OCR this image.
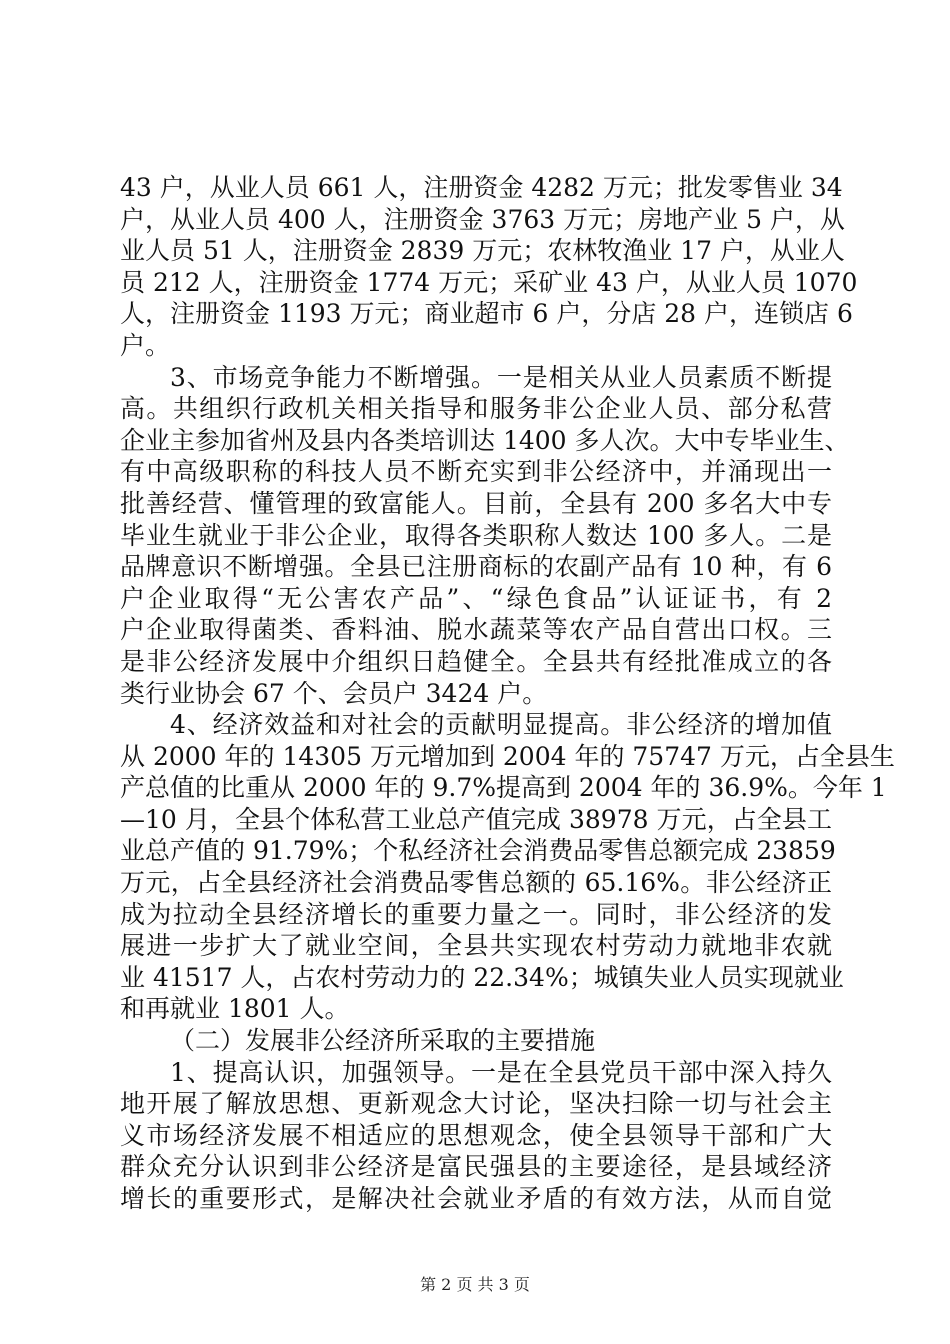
43 户，从业人员 661 人，注册资金 4282 万元；批发零售业 34
户，从业人员 400 人，注册资金 3763 万元；房地产业 5 户，从
业人员 51 人，注册资金 2839 万元；农林牧渔业 17 户，从业人
员 212 人，注册资金 1774 万元；采矿业 43 户，从业人员 1070
人，注册资金 1193 万元；商业超市 6 户，分店 28 户，连锁店 6
户。
3、市场竞争能力不断增强。一是相关从业人员素质不断提
高。共组织行政机关相关指导和服务非公企业人员、部分私营
企业主参加省州及县内各类培训达 1400 多人次。大中专毕业生、
有中高级职称的科技人员不断充实到非公经济中，并涌现出一
批善经营、懂管理的致富能人。目前，全县有 200 多名大中专
毕业生就业于非公企业，取得各类职称人数达 100 多人。二是
品牌意识不断增强。全县已注册商标的农副产品有 10 种，有 6
户企业取得“无公害农产品”、“绿色食品”认证证书，有 2
户企业取得菌类、香料油、脱水蔬菜等农产品自营出口权。三
是非公经济发展中介组织日趋健全。全县共有经批准成立的各
类行业协会 67 个、会员户 3424 户。
4、经济效益和对社会的贡献明显提高。非公经济的增加值
从 2000 年的 14305 万元增加到 2004 年的 75747 万元，占全县生
产总值的比重从 2000 年的 9.7%提高到 2004 年的 36.9%。今年 1
—10 月，全县个体私营工业总产值完成 38978 万元，占全县工
业总产值的 91.79%；个私经济社会消费品零售总额完成 23859
万元，占全县经济社会消费品零售总额的 65.16%。非公经济正
成为拉动全县经济增长的重要力量之一。同时，非公经济的发
展进一步扩大了就业空间，全县共实现农村劳动力就地非农就
业 41517 人，占农村劳动力的 22.34%；城镇失业人员实现就业
和再就业 1801 人。
（二）发展非公经济所采取的主要措施
1、提高认识，加强领导。一是在全县党员干部中深入持久
地开展了解放思想、更新观念大讨论，坚决扫除一切与社会主
义市场经济发展不相适应的思想观念，使全县领导干部和广大
群众充分认识到非公经济是富民强县的主要途径，是县域经济
增长的重要形式，是解决社会就业矛盾的有效方法，从而自觉
第 2 页 共 3 页
